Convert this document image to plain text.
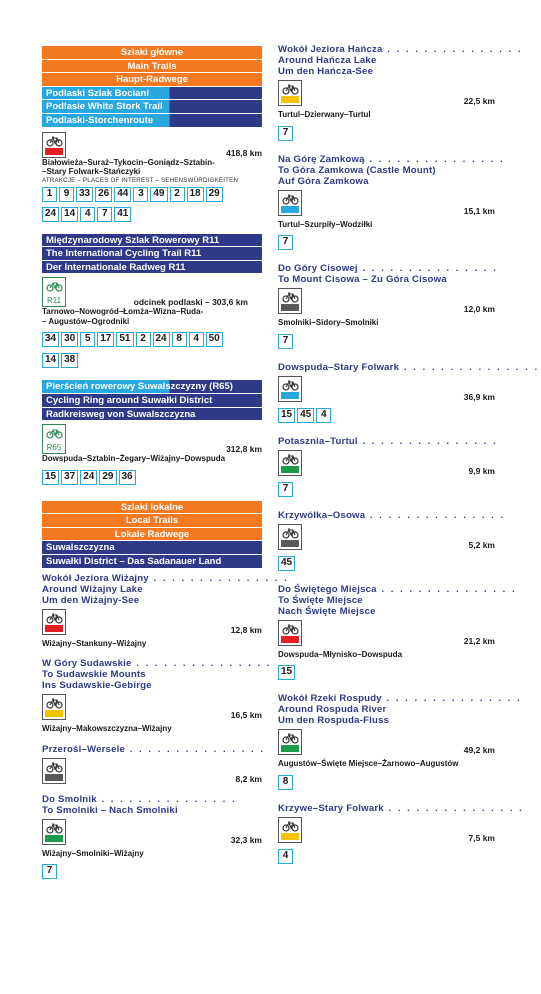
Szlaki główne
Main Trails
Haupt-Radwege
Podlaski Szlak Bociani
Podlasie White Stork Trail
Podlaski-Storchenroute
418,8 km
Białowieża–Suraż–Tykocin–Goniądz–Sztabin-
–Stary Folwark–Stańczyki
ATRAKCJE – PLACES OF INTEREST – SEHENSWÜRDIGKEITEN
1	9 33 26 44 3 49 2 18 29
24 14 4	7 41
Międzynarodowy Szlak Rowerowy R11
The International Cycling Trail R11
Der Internationale Radweg R11
R11	odcinek podlaski – 303,6 km
Tarnowo–Nowogród–Łomża–Wizna–Ruda-
– Augustów–Ogrodniki
34 30 5 17 51 2 24 8	4 50
14 38
Pierścień rowerowy Suwalszczyzny (R65)
Cycling Ring around Suwałki District
Radkreisweg von Suwalszczyzna
R65	312,8 km
Dowspuda–Sztabin–Żegary–Wiżajny–Dowspuda
15 37 24 29 36
Szlaki lokalne
Local Trails
Lokale Radwege
Suwalszczyzna
Suwałki District – Das Sadanauer Land
Wokół Jeziora Wiżajny . . . . . . . . . . . . . . .
Around Wiżajny Lake
Um den Wiżajny-See
12,8 km
Wiżajny–Stankuny–Wiżajny
W Góry Sudawskie . . . . . . . . . . . . . . .
To Sudawskie Mounts
Ins Sudawskie-Gebirge
16,5 km
Wiżajny–Makowszczyzna–Wiżajny
Przerośl–Wersele . . . . . . . . . . . . . . .
8,2 km
Do Smolnik . . . . . . . . . . . . . . .
To Smolniki – Nach Smolniki
32,3 km
Wiżajny–Smolniki–Wiżajny
7
Wokół Jeziora Hańcza . . . . . . . . . . . . . . .
Around Hańcza Lake
Um den Hańcza-See
22,5 km
Turtul–Dzierwany–Turtul
7
Na Górę Zamkową . . . . . . . . . . . . . . .
To Góra Zamkowa (Castle Mount)
Auf Góra Zamkowa
15,1 km
Turtul–Szurpiły–Wodziłki
7
Do Góry Cisowej . . . . . . . . . . . . . . .
To Mount Cisowa – Zu Góra Cisowa
12,0 km
Smolniki–Sidory–Smolniki
7
Dowspuda–Stary Folwark . . . . . . . . . . . . . . .
36,9 km
15 45 4
Potasznia–Turtul . . . . . . . . . . . . . . .
9,9 km
7
Krzywólka–Osowa . . . . . . . . . . . . . . .
5,2 km
45
Do Świętego Miejsca . . . . . . . . . . . . . . .
To Święte Miejsce
Nach Święte Miejsce
21,2 km
Dowspuda–Młynisko–Dowspuda
15
Wokół Rzeki Rospudy . . . . . . . . . . . . . . .
Around Rospuda River
Um den Rospuda-Fluss
49,2 km
Augustów–Święte Miejsce–Żarnowo–Augustów
8
Krzywe–Stary Folwark . . . . . . . . . . . . . . .
7,5 km
4
